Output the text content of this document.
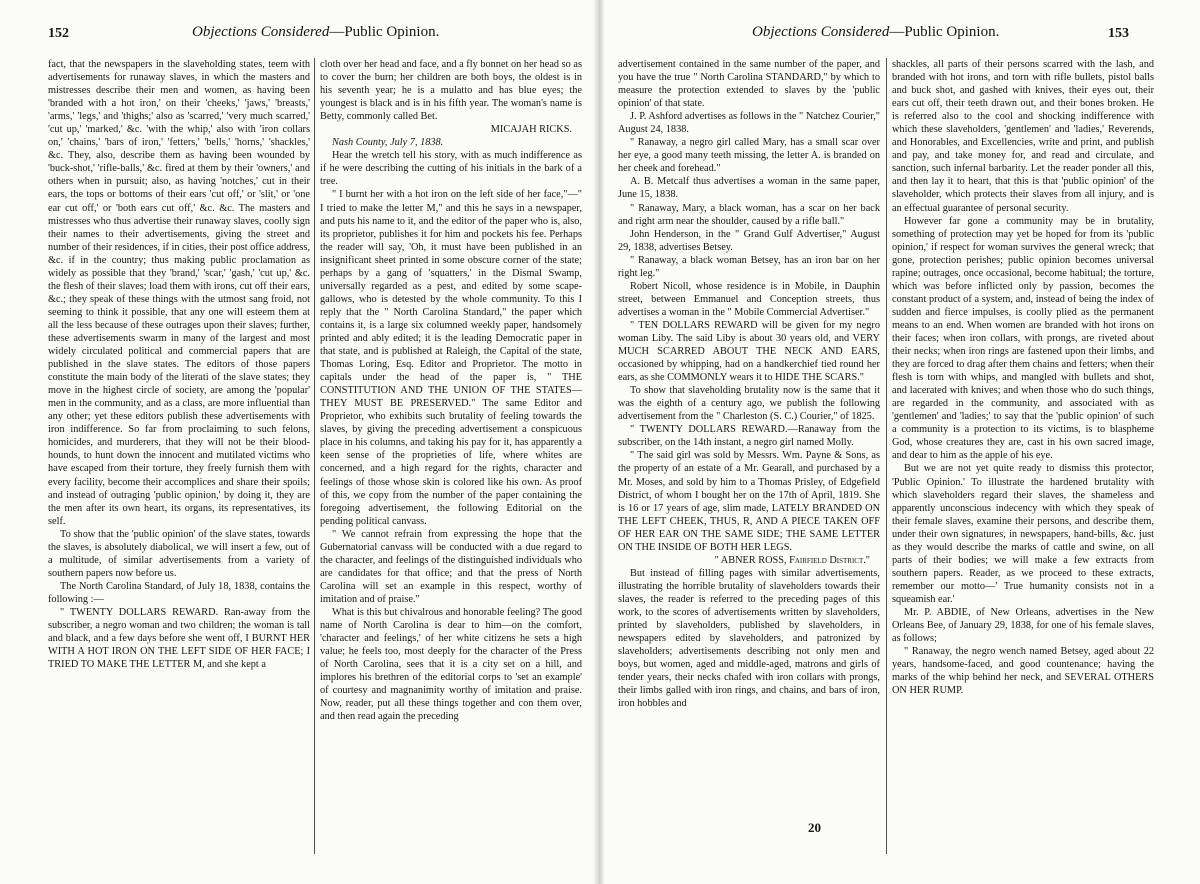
152	Objections Considered—Public Opinion.

fact, that the newspapers in the slaveholding states, teem with advertisements for runaway slaves, in which the masters and mistresses describe their men and women, as having been 'branded with a hot iron,' on their 'cheeks,' 'jaws,' 'breasts,' 'arms,' 'legs,' and 'thighs;' also as 'scarred,' 'very much scarred,' 'cut up,' 'marked,' &c. 'with the whip,' also with 'iron collars on,' 'chains,' 'bars of iron,' 'fetters,' 'bells,' 'horns,' 'shackles,' &c. They, also, describe them as having been wounded by 'buck-shot,' 'rifle-balls,' &c. fired at them by their 'owners,' and others when in pursuit; also, as having 'notches,' cut in their ears, the tops or bottoms of their ears 'cut off,' or 'slit,' or 'one ear cut off,' or 'both ears cut off,' &c. &c. The masters and mistresses who thus advertise their runaway slaves, coolly sign their names to their advertisements, giving the street and number of their residences, if in cities, their post office address, &c. if in the country; thus making public proclamation as widely as possible that they 'brand,' 'scar,' 'gash,' 'cut up,' &c. the flesh of their slaves; load them with irons, cut off their ears, &c.; they speak of these things with the utmost sang froid, not seeming to think it possible, that any one will esteem them at all the less because of these outrages upon their slaves; further, these advertisements swarm in many of the largest and most widely circulated political and commercial papers that are published in the slave states. The editors of those papers constitute the main body of the literati of the slave states; they move in the highest circle of society, are among the 'popular' men in the community, and as a class, are more influential than any other; yet these editors publish these advertisements with iron indifference. So far from proclaiming to such felons, homicides, and murderers, that they will not be their blood-hounds, to hunt down the innocent and mutilated victims who have escaped from their torture, they freely furnish them with every facility, become their accomplices and share their spoils; and instead of outraging 'public opinion,' by doing it, they are the men after its own heart, its organs, its representatives, its self.

To show that the 'public opinion' of the slave states, towards the slaves, is absolutely diabolical, we will insert a few, out of a multitude, of similar advertisements from a variety of southern papers now before us.

The North Carolina Standard, of July 18, 1838, contains the following :—

" TWENTY DOLLARS REWARD. Ran-away from the subscriber, a negro woman and two children; the woman is tall and black, and a few days before she went off, I BURNT HER WITH A HOT IRON ON THE LEFT SIDE OF HER FACE; I TRIED TO MAKE THE LETTER M, and she kept a

cloth over her head and face, and a fly bonnet on her head so as to cover the burn; her children are both boys, the oldest is in his seventh year; he is a mulatto and has blue eyes; the youngest is black and is in his fifth year. The woman's name is Betty, commonly called Bet.

MICAJAH RICKS.

Nash County, July 7, 1838.

Hear the wretch tell his story, with as much indifference as if he were describing the cutting of his initials in the bark of a tree.

" I burnt her with a hot iron on the left side of her face,"—" I tried to make the letter M," and this he says in a newspaper, and puts his name to it, and the editor of the paper who is, also, its proprietor, publishes it for him and pockets his fee. Perhaps the reader will say, 'Oh, it must have been published in an insignificant sheet printed in some obscure corner of the state; perhaps by a gang of 'squatters,' in the Dismal Swamp, universally regarded as a pest, and edited by some scape-gallows, who is detested by the whole community. To this I reply that the " North Carolina Standard," the paper which contains it, is a large six columned weekly paper, handsomely printed and ably edited; it is the leading Democratic paper in that state, and is published at Raleigh, the Capital of the state, Thomas Loring, Esq. Editor and Proprietor. The motto in capitals under the head of the paper is, " THE CONSTITUTION AND THE UNION OF THE STATES—THEY MUST BE PRESERVED." The same Editor and Proprietor, who exhibits such brutality of feeling towards the slaves, by giving the preceding advertisement a conspicuous place in his columns, and taking his pay for it, has apparently a keen sense of the proprieties of life, where whites are concerned, and a high regard for the rights, character and feelings of those whose skin is colored like his own. As proof of this, we copy from the number of the paper containing the foregoing advertisement, the following Editorial on the pending political canvass.

" We cannot refrain from expressing the hope that the Gubernatorial canvass will be conducted with a due regard to the character, and feelings of the distinguished individuals who are candidates for that office; and that the press of North Carolina will set an example in this respect, worthy of imitation and of praise."

What is this but chivalrous and honorable feeling? The good name of North Carolina is dear to him—on the comfort, 'character and feelings,' of her white citizens he sets a high value; he feels too, most deeply for the character of the Press of North Carolina, sees that it is a city set on a hill, and implores his brethren of the editorial corps to 'set an example' of courtesy and magnanimity worthy of imitation and praise. Now, reader, put all these things together and con them over, and then read again the preceding

Objections Considered—Public Opinion.	153

advertisement contained in the same number of the paper, and you have the true " North Carolina STANDARD," by which to measure the protection extended to slaves by the 'public opinion' of that state.

J. P. Ashford advertises as follows in the " Natchez Courier," August 24, 1838.

" Ranaway, a negro girl called Mary, has a small scar over her eye, a good many teeth missing, the letter A. is branded on her cheek and forehead."

A. B. Metcalf thus advertises a woman in the same paper, June 15, 1838.

" Ranaway, Mary, a black woman, has a scar on her back and right arm near the shoulder, caused by a rifle ball."

John Henderson, in the " Grand Gulf Advertiser," August 29, 1838, advertises Betsey.

" Ranaway, a black woman Betsey, has an iron bar on her right leg."

Robert Nicoll, whose residence is in Mobile, in Dauphin street, between Emmanuel and Conception streets, thus advertises a woman in the " Mobile Commercial Advertiser."

" TEN DOLLARS REWARD will be given for my negro woman Liby. The said Liby is about 30 years old, and VERY MUCH SCARRED ABOUT THE NECK AND EARS, occasioned by whipping, had on a handkerchief tied round her ears, as she COMMONLY wears it to HIDE THE SCARS."

To show that slaveholding brutality now is the same that it was the eighth of a century ago, we publish the following advertisement from the " Charleston (S. C.) Courier," of 1825.

" TWENTY DOLLARS REWARD.—Ranaway from the subscriber, on the 14th instant, a negro girl named Molly.

" The said girl was sold by Messrs. Wm. Payne & Sons, as the property of an estate of a Mr. Gearall, and purchased by a Mr. Moses, and sold by him to a Thomas Prisley, of Edgefield District, of whom I bought her on the 17th of April, 1819. She is 16 or 17 years of age, slim made, LATELY BRANDED ON THE LEFT CHEEK, THUS, R, AND A PIECE TAKEN OFF OF HER EAR ON THE SAME SIDE; THE SAME LETTER ON THE INSIDE OF BOTH HER LEGS.

" ABNER ROSS, Fairfield District."

But instead of filling pages with similar advertisements, illustrating the horrible brutality of slaveholders towards their slaves, the reader is referred to the preceding pages of this work, to the scores of advertisements written by slaveholders, printed by slaveholders, published by slaveholders, in newspapers edited by slaveholders, and patronized by slaveholders; advertisements describing not only men and boys, but women, aged and middle-aged, matrons and girls of tender years, their necks chafed with iron collars with prongs, their limbs galled with iron rings, and chains, and bars of iron, iron hobbles and

shackles, all parts of their persons scarred with the lash, and branded with hot irons, and torn with rifle bullets, pistol balls and buck shot, and gashed with knives, their eyes out, their ears cut off, their teeth drawn out, and their bones broken. He is referred also to the cool and shocking indifference with which these slaveholders, 'gentlemen' and 'ladies,' Reverends, and Honorables, and Excellencies, write and print, and publish and pay, and take money for, and read and circulate, and sanction, such infernal barbarity. Let the reader ponder all this, and then lay it to heart, that this is that 'public opinion' of the slaveholder, which protects their slaves from all injury, and is an effectual guarantee of personal security.

However far gone a community may be in brutality, something of protection may yet be hoped for from its 'public opinion,' if respect for woman survives the general wreck; that gone, protection perishes; public opinion becomes universal rapine; outrages, once occasional, become habitual; the torture, which was before inflicted only by passion, becomes the constant product of a system, and, instead of being the index of sudden and fierce impulses, is coolly plied as the permanent means to an end. When women are branded with hot irons on their faces; when iron collars, with prongs, are riveted about their necks; when iron rings are fastened upon their limbs, and they are forced to drag after them chains and fetters; when their flesh is torn with whips, and mangled with bullets and shot, and lacerated with knives; and when those who do such things, are regarded in the community, and associated with as 'gentlemen' and 'ladies;' to say that the 'public opinion' of such a community is a protection to its victims, is to blaspheme God, whose creatures they are, cast in his own sacred image, and dear to him as the apple of his eye.

But we are not yet quite ready to dismiss this protector, 'Public Opinion.' To illustrate the hardened brutality with which slaveholders regard their slaves, the shameless and apparently unconscious indecency with which they speak of their female slaves, examine their persons, and describe them, under their own signatures, in newspapers, hand-bills, &c. just as they would describe the marks of cattle and swine, on all parts of their bodies; we will make a few extracts from southern papers. Reader, as we proceed to these extracts, remember our motto—' True humanity consists not in a squeamish ear.'

Mr. P. ABDIE, of New Orleans, advertises in the New Orleans Bee, of January 29, 1838, for one of his female slaves, as follows;

" Ranaway, the negro wench named Betsey, aged about 22 years, handsome-faced, and good countenance; having the marks of the whip behind her neck, and SEVERAL OTHERS ON HER RUMP.

20
